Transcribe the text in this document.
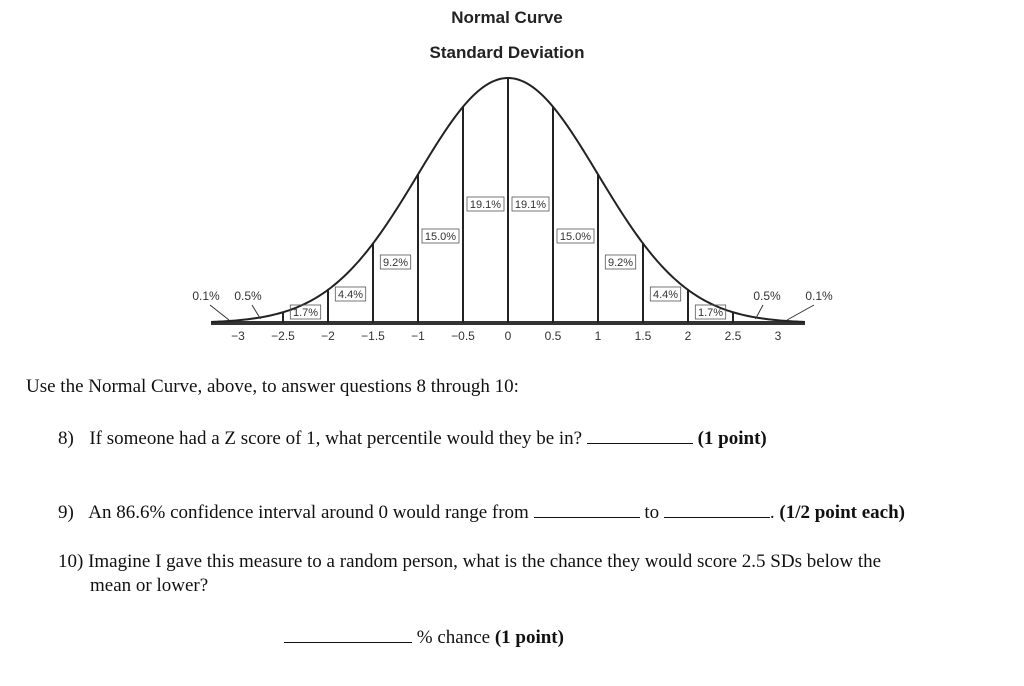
Normal Curve
Standard Deviation
1.7%
4.4%
9.2%
15.0%
19.1% 19.1%
15.0%
9.2%
4.4%
1.7%
0.1% 0.5%	0.5% 0.1%
−3 −2.5 −2 −1.5 −1 −0.5 0	0.5	1	1.5	2	2.5	3
Use the Normal Curve, above, to answer questions 8 through 10:
8) If someone had a Z score of 1, what percentile would they be in?	(1 point)
9) An 86.6% confidence interval around 0 would range from	to	. (1/2 point each)
10) Imagine I gave this measure to a random person, what is the chance they would score 2.5 SDs below the
mean or lower?
% chance (1 point)
